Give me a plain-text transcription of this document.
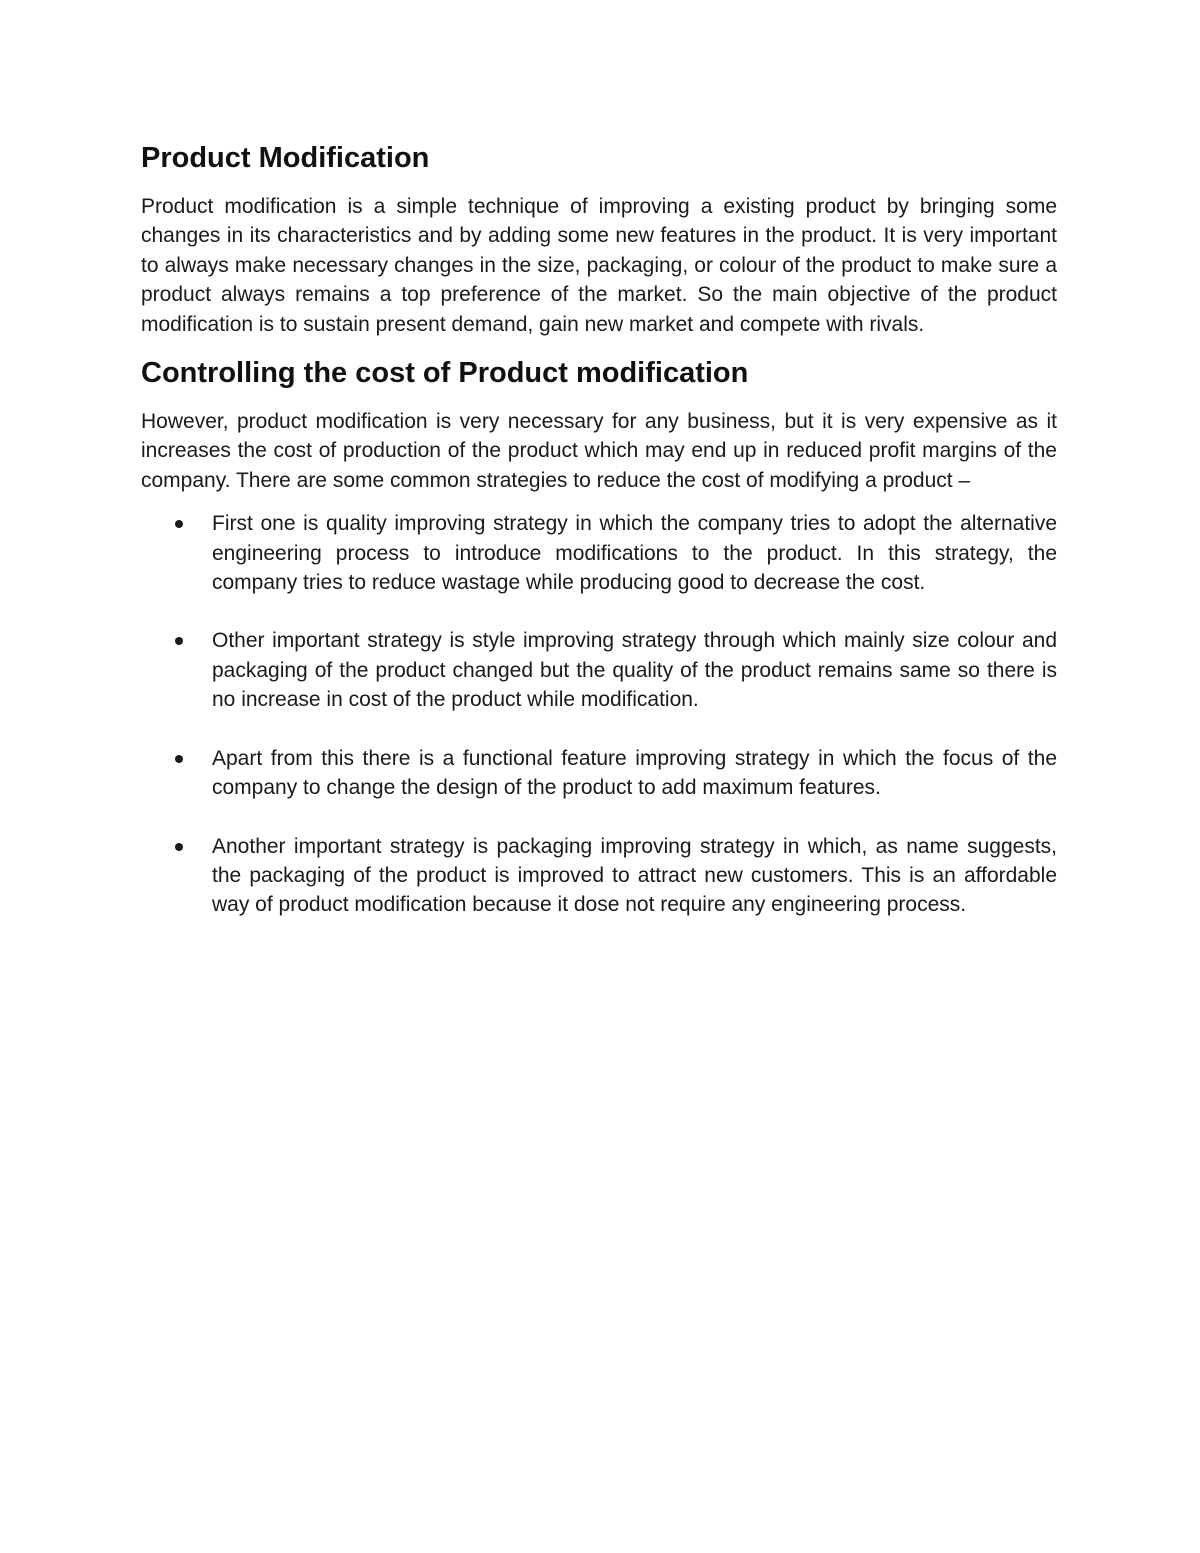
Product Modification

Product modification is a simple technique of improving a existing product by bringing some changes in its characteristics and by adding some new features in the product. It is very important to always make necessary changes in the size, packaging, or colour of the product to make sure a product always remains a top preference of the market. So the main objective of the product modification is to sustain present demand, gain new market and compete with rivals.

Controlling the cost of Product modification

However, product modification is very necessary for any business, but it is very expensive as it increases the cost of production of the product which may end up in reduced profit margins of the company. There are some common strategies to reduce the cost of modifying a product –

First one is quality improving strategy in which the company tries to adopt the alternative engineering process to introduce modifications to the product. In this strategy, the company tries to reduce wastage while producing good to decrease the cost.
Other important strategy is style improving strategy through which mainly size colour and packaging of the product changed but the quality of the product remains same so there is no increase in cost of the product while modification.
Apart from this there is a functional feature improving strategy in which the focus of the company to change the design of the product to add maximum features.
Another important strategy is packaging improving strategy in which, as name suggests, the packaging of the product is improved to attract new customers. This is an affordable way of product modification because it dose not require any engineering process.
